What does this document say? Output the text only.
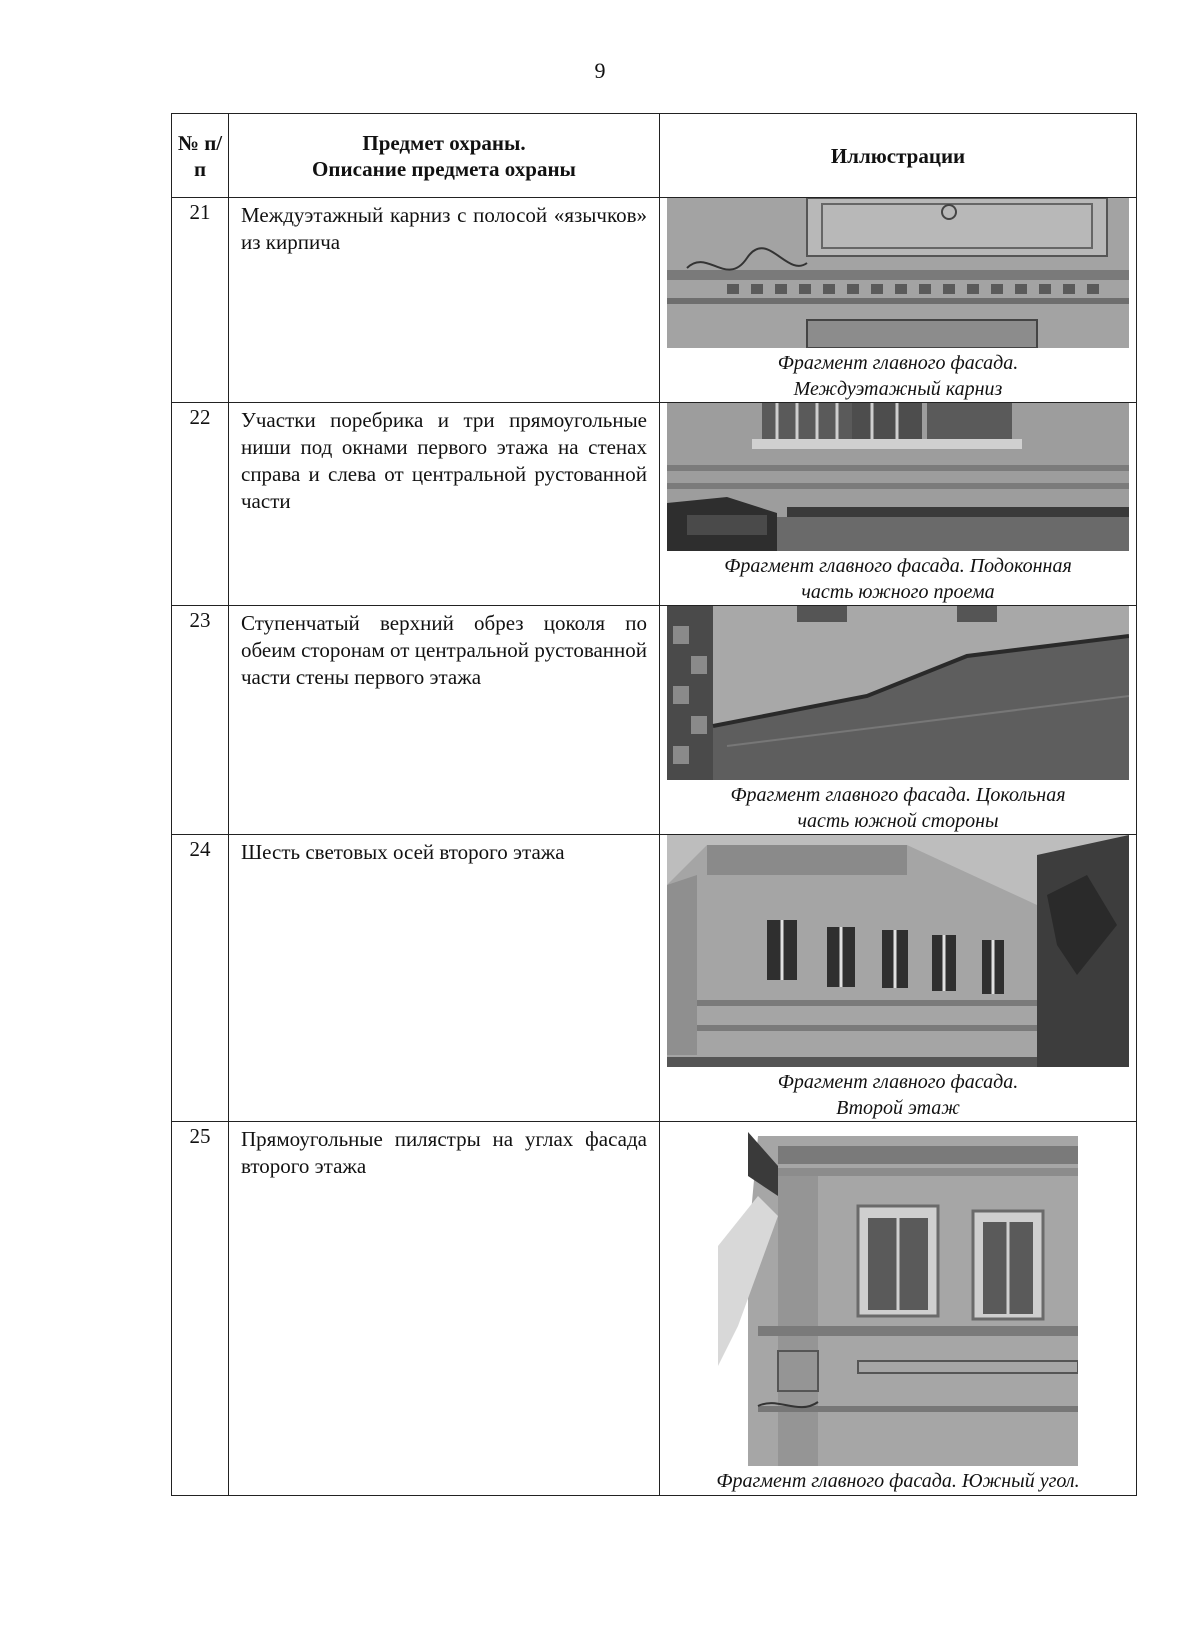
9
№ п/п	Предмет охраны.
Описание предмета охраны	Иллюстрации
21	Междуэтажный карниз с полосой «язычков» из кирпича	Фрагмент главного фасада.
Междуэтажный карниз

22	Участки поребрика и три прямоугольные ниши под окнами первого этажа на стенах справа и слева от центральной рустованной части	Фрагмент главного фасада. Подоконная
часть южного проема

23	Ступенчатый верхний обрез цоколя по обеим сторонам от центральной рустованной части стены первого этажа	Фрагмент главного фасада. Цокольная
часть южной стороны

24	Шесть световых осей второго этажа	Фрагмент главного фасада.
Второй этаж

25	Прямоугольные пилястры на углах фасада второго этажа	Фрагмент главного фасада. Южный угол.
